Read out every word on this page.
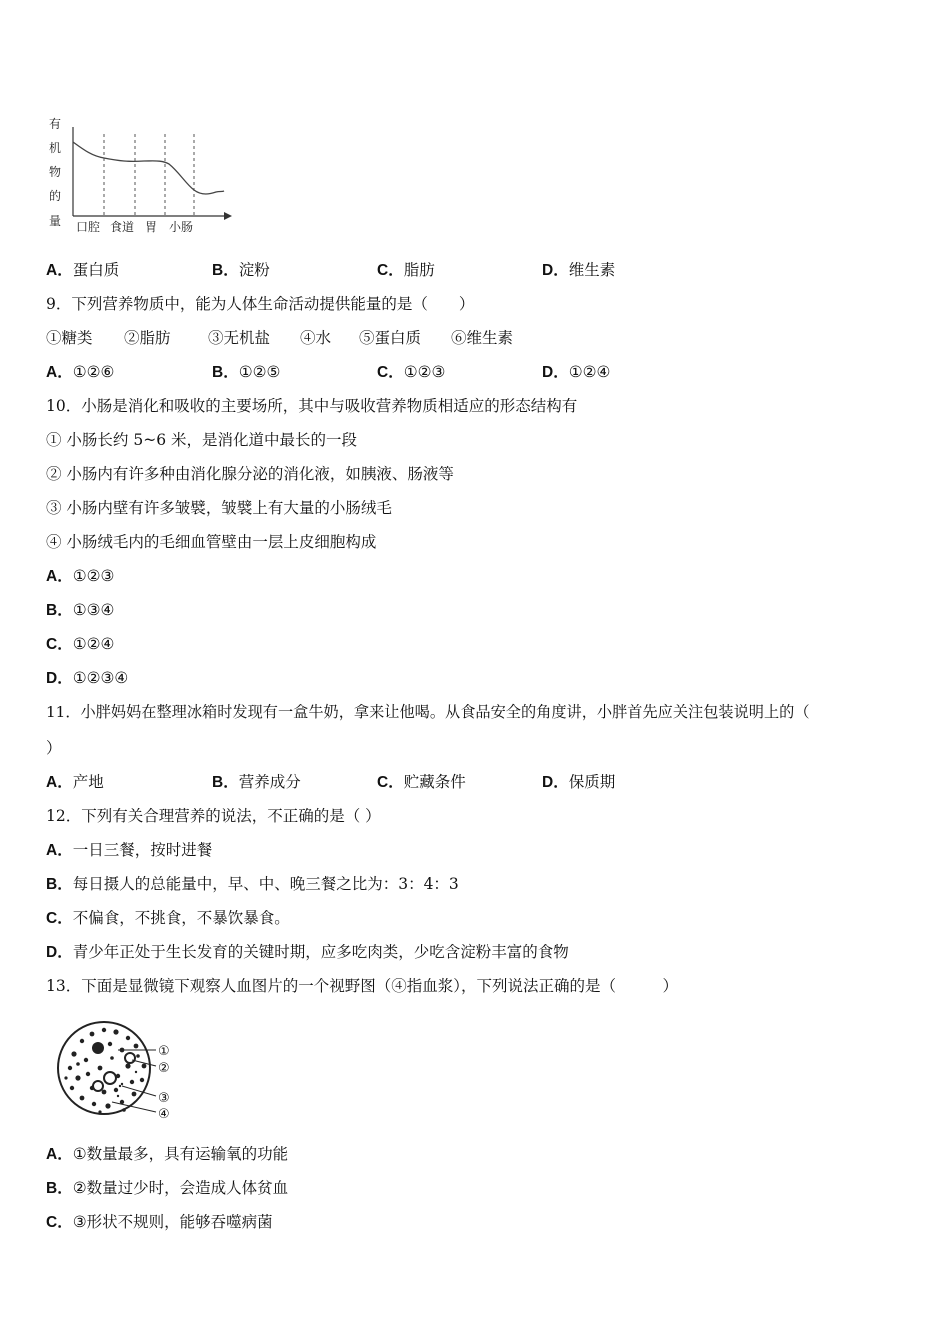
有
机
物
的
量 口腔 食道 胃 小肠
A．蛋白质	B．淀粉	C．脂肪	D．维生素
9．下列营养物质中，能为人体生命活动提供能量的是（　　）
①糖类 ②脂肪 ③无机盐 ④水 ⑤蛋白质 ⑥维生素
A．①②⑥	B．①②⑤	C．①②③	D．①②④
10．小肠是消化和吸收的主要场所，其中与吸收营养物质相适应的形态结构有
① 小肠长约 5~6 米，是消化道中最长的一段
② 小肠内有许多种由消化腺分泌的消化液，如胰液、肠液等
③ 小肠内壁有许多皱襞，皱襞上有大量的小肠绒毛
④ 小肠绒毛内的毛细血管壁由一层上皮细胞构成
A．①②③
B．①③④
C．①②④
D．①②③④
11．小胖妈妈在整理冰箱时发现有一盒牛奶，拿来让他喝。从食品安全的角度讲，小胖首先应关注包装说明上的（
）
A．产地	B．营养成分	C．贮藏条件	D．保质期
12．下列有关合理营养的说法，不正确的是（ ）
A．一日三餐，按时进餐
B．每日摄人的总能量中，早、中、晚三餐之比为：3：4：3
C．不偏食，不挑食，不暴饮暴食。
D．青少年正处于生长发育的关键时期，应多吃肉类，少吃含淀粉丰富的食物
13．下面是显微镜下观察人血图片的一个视野图（④指血浆），下列说法正确的是（　　　）
①
②
③
④
A．①数量最多，具有运输氧的功能
B．②数量过少时，会造成人体贫血
C．③形状不规则，能够吞噬病菌
